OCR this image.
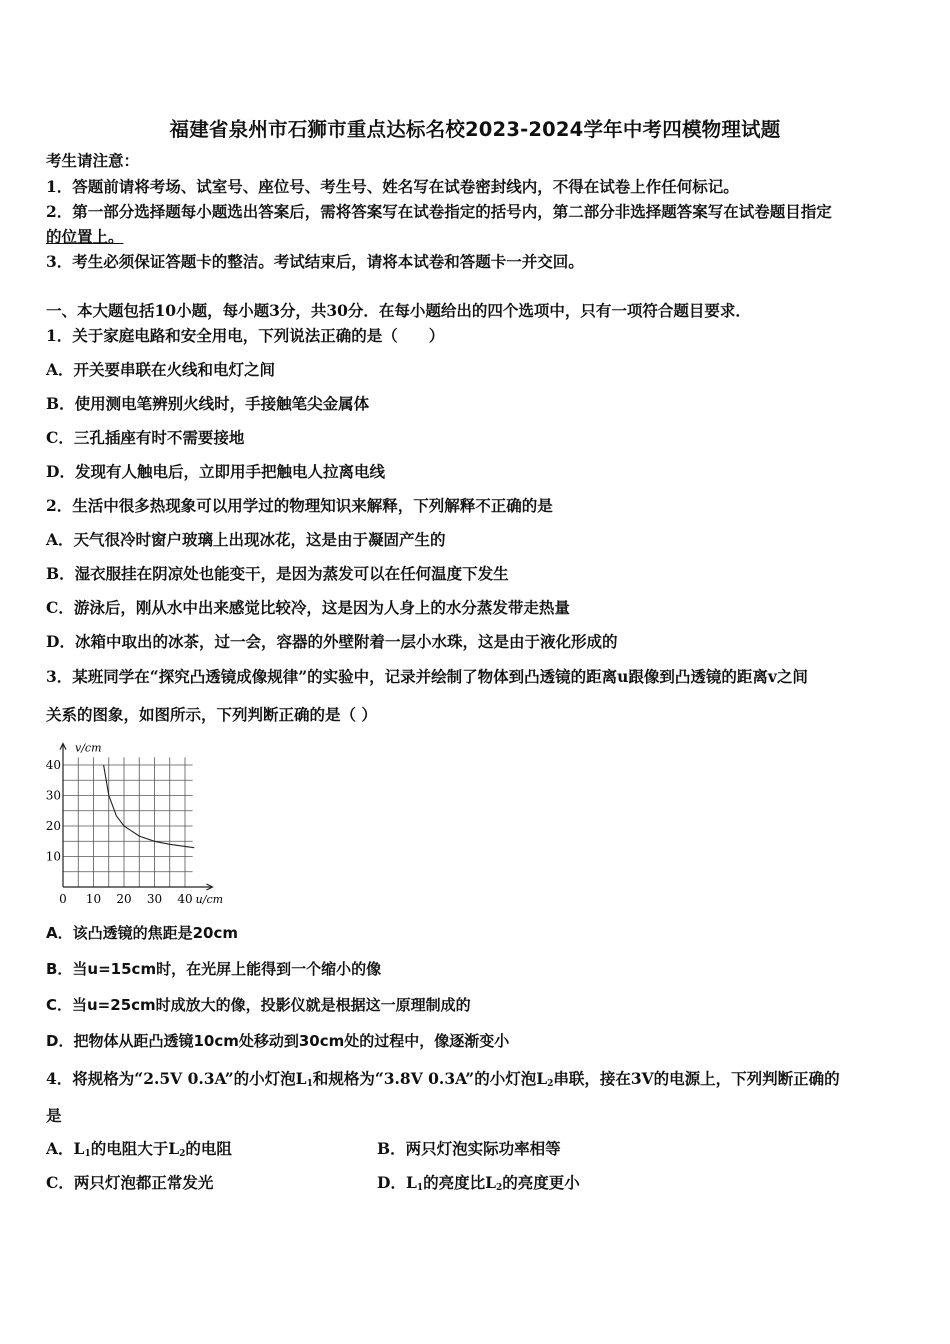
福建省泉州市石狮市重点达标名校2023-2024学年中考四模物理试题
考生请注意：
1．答题前请将考场、试室号、座位号、考生号、姓名写在试卷密封线内，不得在试卷上作任何标记。
2．第一部分选择题每小题选出答案后，需将答案写在试卷指定的括号内，第二部分非选择题答案写在试卷题目指定
的位置上。
3．考生必须保证答题卡的整洁。考试结束后，请将本试卷和答题卡一并交回。
一、本大题包括10小题，每小题3分，共30分．在每小题给出的四个选项中，只有一项符合题目要求．
1．关于家庭电路和安全用电，下列说法正确的是（　　）
A．开关要串联在火线和电灯之间
B．使用测电笔辨别火线时，手接触笔尖金属体
C．三孔插座有时不需要接地
D．发现有人触电后，立即用手把触电人拉离电线
2．生活中很多热现象可以用学过的物理知识来解释，下列解释不正确的是
A．天气很冷时窗户玻璃上出现冰花，这是由于凝固产生的
B．湿衣服挂在阴凉处也能变干，是因为蒸发可以在任何温度下发生
C．游泳后，刚从水中出来感觉比较冷，这是因为人身上的水分蒸发带走热量
D．冰箱中取出的冰茶，过一会，容器的外壁附着一层小水珠，这是由于液化形成的
3．某班同学在“探究凸透镜成像规律”的实验中，记录并绘制了物体到凸透镜的距离u跟像到凸透镜的距离v之间
关系的图象，如图所示，下列判断正确的是（ ）
0 10 20 30 40
10
20
30
40
v/cm
u/cm
A．该凸透镜的焦距是20cm
B．当u=15cm时，在光屏上能得到一个缩小的像
C．当u=25cm时成放大的像，投影仪就是根据这一原理制成的
D．把物体从距凸透镜10cm处移动到30cm处的过程中，像逐渐变小
4．将规格为“2.5V 0.3A”的小灯泡$L_1$和规格为“3.8V 0.3A”的小灯泡$L_2$串联，接在3V的电源上，下列判断正确的
是
A．$L_1$的电阻大于$L_2$的电阻	B．两只灯泡实际功率相等
C．两只灯泡都正常发光	D．$L_1$的亮度比$L_2$的亮度更小
